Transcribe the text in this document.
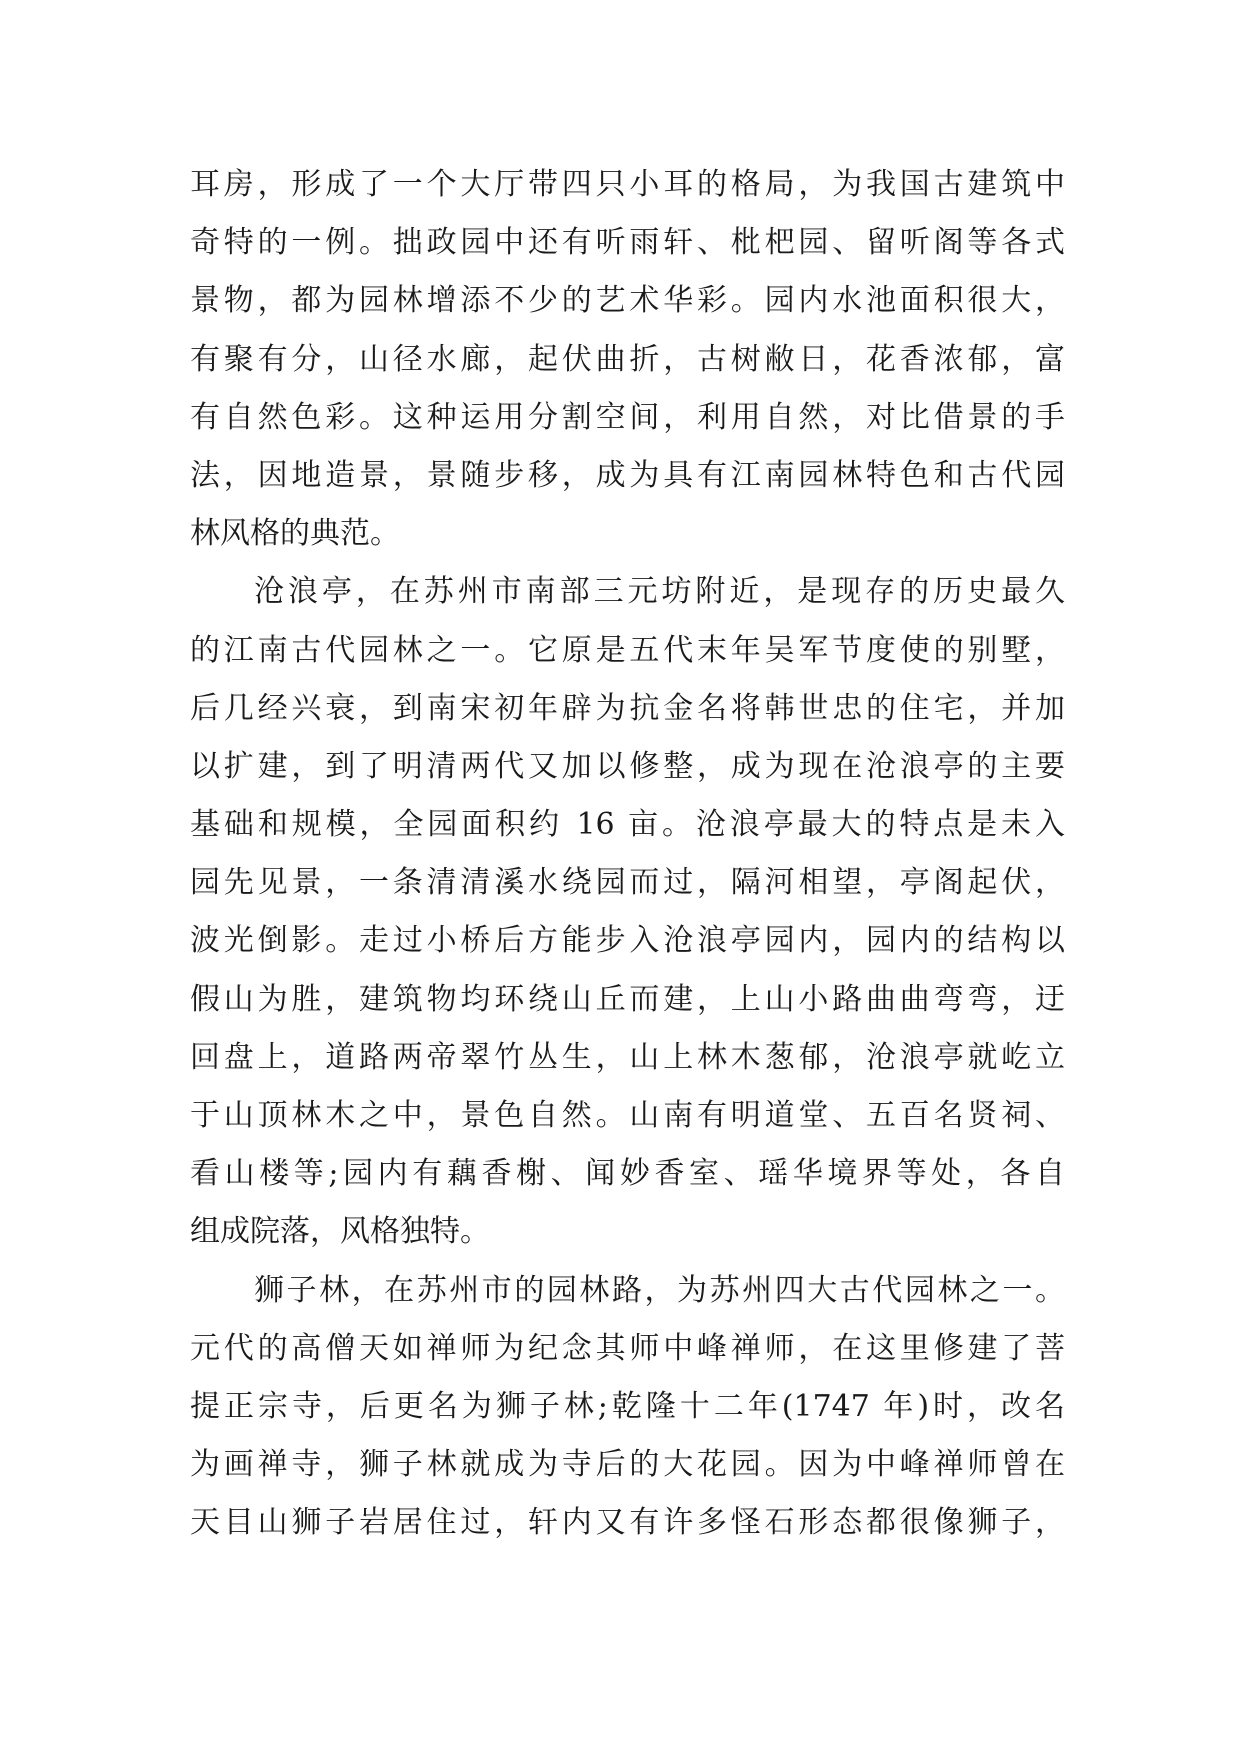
耳房，形成了一个大厅带四只小耳的格局，为我国古建筑中
奇特的一例。拙政园中还有听雨轩、枇杷园、留听阁等各式
景物，都为园林增添不少的艺术华彩。园内水池面积很大，
有聚有分，山径水廊，起伏曲折，古树敝日，花香浓郁，富
有自然色彩。这种运用分割空间，利用自然，对比借景的手
法，因地造景，景随步移，成为具有江南园林特色和古代园
林风格的典范。
沧浪亭，在苏州市南部三元坊附近，是现存的历史最久
的江南古代园林之一。它原是五代末年吴军节度使的别墅，
后几经兴衰，到南宋初年辟为抗金名将韩世忠的住宅，并加
以扩建，到了明清两代又加以修整，成为现在沧浪亭的主要
基础和规模，全园面积约 16 亩。沧浪亭最大的特点是未入
园先见景，一条清清溪水绕园而过，隔河相望，亭阁起伏，
波光倒影。走过小桥后方能步入沧浪亭园内，园内的结构以
假山为胜，建筑物均环绕山丘而建，上山小路曲曲弯弯，迂
回盘上，道路两帝翠竹丛生，山上林木葱郁，沧浪亭就屹立
于山顶林木之中，景色自然。山南有明道堂、五百名贤祠、
看山楼等;园内有藕香榭、闻妙香室、瑶华境界等处，各自
组成院落，风格独特。
狮子林，在苏州市的园林路，为苏州四大古代园林之一。
元代的高僧天如禅师为纪念其师中峰禅师，在这里修建了菩
提正宗寺，后更名为狮子林;乾隆十二年(1747 年)时，改名
为画禅寺，狮子林就成为寺后的大花园。因为中峰禅师曾在
天目山狮子岩居住过，轩内又有许多怪石形态都很像狮子，
